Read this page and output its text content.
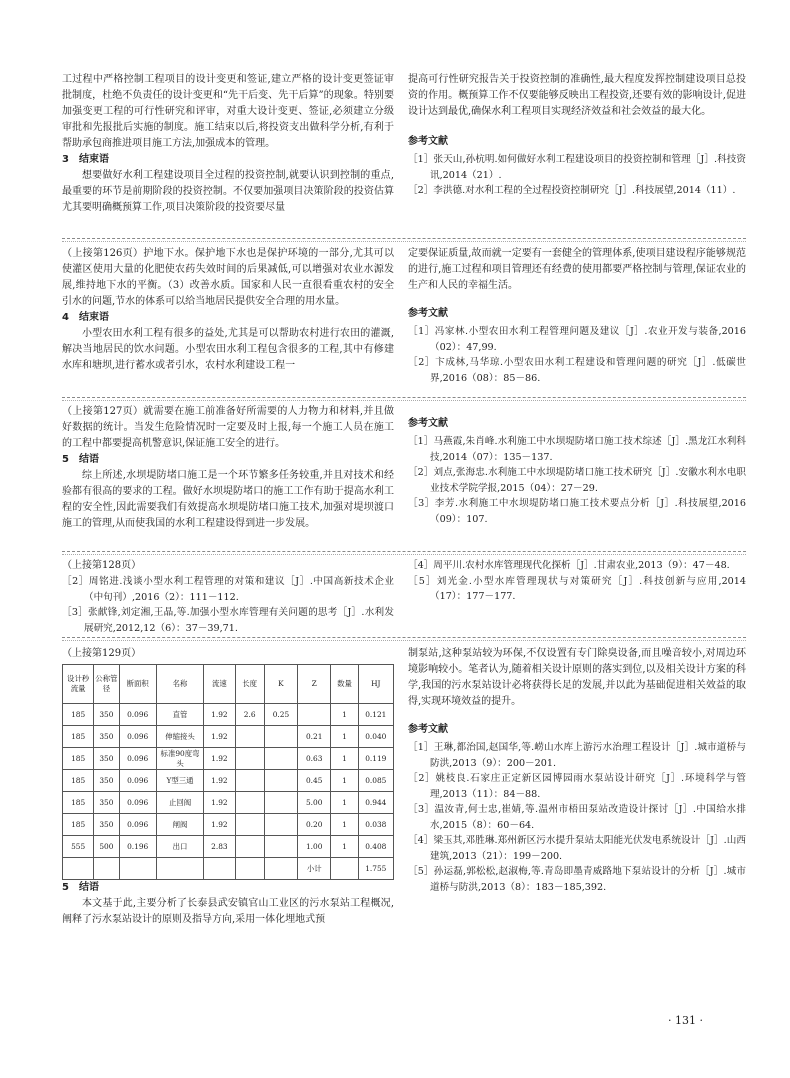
工过程中严格控制工程项目的设计变更和签证,建立严格的设计变更签证审批制度，杜绝不负责任的设计变更和“先干后变、先干后算”的现象。特别要加强变更工程的可行性研究和评审，对重大设计变更、签证,必须建立分级审批和先报批后实施的制度。施工结束以后,将投资支出做科学分析,有利于帮助承包商推进项目施工方法,加强成本的管理。

3　结束语

想要做好水利工程建设项目全过程的投资控制,就要认识到控制的重点,最重要的环节是前期阶段的投资控制。不仅要加强项目决策阶段的投资估算尤其要明确概预算工作,项目决策阶段的投资要尽量

提高可行性研究报告关于投资控制的准确性,最大程度发挥控制建设项目总投资的作用。概预算工作不仅要能够反映出工程投资,还要有效的影响设计,促进设计达到最优,确保水利工程项目实现经济效益和社会效益的最大化。

参考文献

［1］张天山,孙杭明.如何做好水利工程建设项目的投资控制和管理［J］.科技资讯,2014（21）.

［2］李洪德.对水利工程的全过程投资控制研究［J］.科技展望,2014（11）.

（上接第126页）护地下水。保护地下水也是保护环境的一部分,尤其可以使灌区使用大量的化肥使农药失效时间的后果减低,可以增强对农业水源发展,维持地下水的平衡。（3）改善水质。国家和人民一直很看重农村的安全引水的问题,节水的体系可以给当地居民提供安全合理的用水量。

4　结束语

小型农田水利工程有很多的益处,尤其是可以帮助农村进行农田的灌溉,解决当地居民的饮水问题。小型农田水利工程包含很多的工程,其中有修建水库和塘坝,进行蓄水或者引水，农村水利建设工程一

定要保证质量,故而就一定要有一套健全的管理体系,使项目建设程序能够规范的进行,施工过程和项目管理还有经费的使用都要严格控制与管理,保证农业的生产和人民的幸福生活。

参考文献

［1］冯家林.小型农田水利工程管理问题及建议［J］.农业开发与装备,2016（02）：47,99.

［2］卞成林,马华琼.小型农田水利工程建设和管理问题的研究［J］.低碳世界,2016（08）：85－86.

（上接第127页）就需要在施工前准备好所需要的人力物力和材料,并且做好数据的统计。当发生危险情况时一定要及时上报,每一个施工人员在施工的工程中都要提高机警意识,保证施工安全的进行。

5　结语

综上所述,水坝堤防堵口施工是一个环节繁多任务较重,并且对技术和经验都有很高的要求的工程。做好水坝堤防堵口的施工工作有助于提高水利工程的安全性,因此需要我们有效提高水坝堤防堵口施工技术,加强对堤坝渡口施工的管理,从而使我国的水利工程建设得到进一步发展。

参考文献

［1］马燕霞,朱肖峰.水利施工中水坝堤防堵口施工技术综述［J］.黑龙江水利科技,2014（07）：135－137.

［2］刘点,张海忠.水利施工中水坝堤防堵口施工技术研究［J］.安徽水利水电职业技术学院学报,2015（04）：27－29.

［3］李芳.水利施工中水坝堤防堵口施工技术要点分析［J］.科技展望,2016（09）：107.

（上接第128页）

［2］周铭进.浅谈小型水利工程管理的对策和建议［J］.中国高新技术企业（中旬刊）,2016（2）：111－112.

［3］张献锋,刘定湘,王晶,等.加强小型水库管理有关问题的思考［J］.水利发展研究,2012,12（6）：37－39,71.

［4］周平川.农村水库管理现代化探析［J］.甘肃农业,2013（9）：47－48.

［5］刘光金.小型水库管理现状与对策研究［J］.科技创新与应用,2014（17）：177－177.

（上接第129页）

设计秒流量	公称管径	断面积	名称	流速	长度	K	Z	数量	HJ
185	350	0.096	直管	1.92	2.6	0.25		1	0.121
185	350	0.096	伸缩接头	1.92			0.21	1	0.040
185	350	0.096	标准90度弯头	1.92			0.63	1	0.119
185	350	0.096	Y型三通	1.92			0.45	1	0.085
185	350	0.096	止回阀	1.92			5.00	1	0.944
185	350	0.096	闸阀	1.92			0.20	1	0.038
555	500	0.196	出口	2.83			1.00	1	0.408
							小计		1.755

5　结语

本文基于此,主要分析了长泰县武安镇官山工业区的污水泵站工程概况,阐释了污水泵站设计的原则及指导方向,采用一体化埋地式预

制泵站,这种泵站较为环保,不仅设置有专门除臭设备,而且噪音较小,对周边环境影响较小。笔者认为,随着相关设计原则的落实到位,以及相关设计方案的科学,我国的污水泵站设计必将获得长足的发展,并以此为基础促进相关效益的取得,实现环境效益的提升。

参考文献

［1］王琳,都治国,赵国华,等.崂山水库上游污水治理工程设计［J］.城市道桥与防洪,2013（9）：200－201.

［2］姚枝良.石家庄正定新区园博园雨水泵站设计研究［J］.环境科学与管理,2013（11）：84－88.

［3］温汝青,何士忠,崔婧,等.温州市梧田泵站改造设计探讨［J］.中国给水排水,2015（8）：60－64.

［4］梁玉其,邓胜琳.郑州新区污水提升泵站太阳能光伏发电系统设计［J］.山西建筑,2013（21）：199－200.

［5］孙运磊,郭松松,赵淑梅,等.青岛即墨青威路地下泵站设计的分析［J］.城市道桥与防洪,2013（8）：183－185,392.

· 131 ·
